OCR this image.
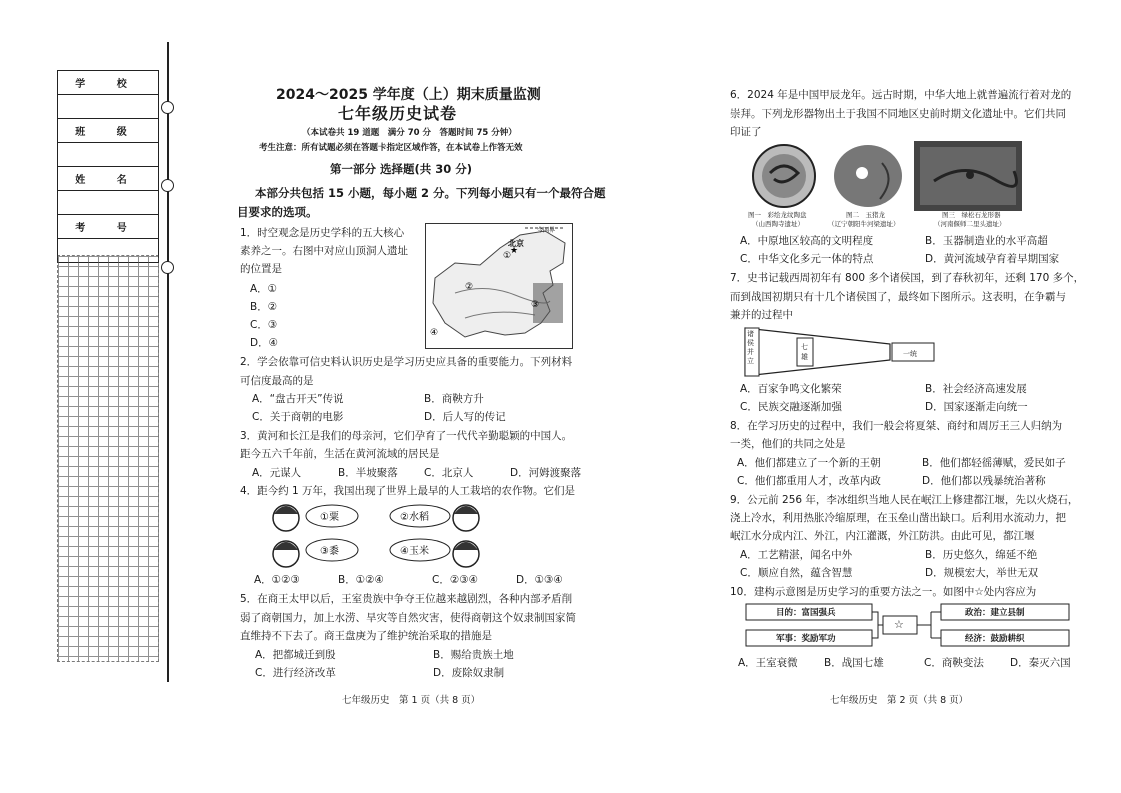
学 校
班 级
姓 名
考 号
2024～2025 学年度（上）期末质量监测
七年级历史试卷
（本试卷共 19 道题　满分 70 分　答题时间 75 分钟）
考生注意：所有试题必须在答题卡指定区域作答，在本试卷上作答无效
第一部分 选择题(共 30 分)
本部分共包括 15 小题，每小题 2 分。下列每小题只有一个最符合题
目要求的选项。
1．时空观念是历史学科的五大核心
素养之一。右图中对应山顶洞人遗址
的位置是
A．①
B．②
C．③
D．④
今国界
北京
★
①
②
③
④
2．学会依靠可信史料认识历史是学习历史应具备的重要能力。下列材料
可信度最高的是
A．“盘古开天”传说	B．商鞅方升
C．关于商朝的电影	D．后人写的传记
3．黄河和长江是我们的母亲河，它们孕育了一代代辛勤聪颖的中国人。
距今五六千年前，生活在黄河流域的居民是
A．元谋人	B．半坡聚落	C．北京人	D．河姆渡聚落
4．距今约 1 万年，我国出现了世界上最早的人工栽培的农作物。它们是
①粟	②水稻
③黍	④玉米
A．①②③	B．①②④	C．②③④	D．①③④
5．在商王太甲以后，王室贵族中争夺王位越来越剧烈，各种内部矛盾削
弱了商朝国力，加上水涝、旱灾等自然灾害，使得商朝这个奴隶制国家简
直维持不下去了。商王盘庚为了维护统治采取的措施是
A．把都城迁到殷	B．赐给贵族土地
C．进行经济改革	D．废除奴隶制
七年级历史　第 1 页（共 8 页）
6．2024 年是中国甲辰龙年。远古时期，中华大地上就普遍流行着对龙的
崇拜。下列龙形器物出土于我国不同地区史前时期文化遗址中。它们共同
印证了
图一　彩绘龙纹陶盘
（山西陶寺遗址）
图二　玉猪龙
（辽宁朝阳牛河梁遗址）
图三　绿松石龙形器
（河南偃师二里头遗址）
A．中原地区较高的文明程度	B．玉器制造业的水平高超
C．中华文化多元一体的特点	D．黄河流域孕育着早期国家
7．史书记载西周初年有 800 多个诸侯国，到了春秋初年，还剩 170 多个，
而到战国初期只有十几个诸侯国了，最终如下图所示。这表明，在争霸与
兼并的过程中
诸侯并立
七雄	一统
A．百家争鸣文化繁荣	B．社会经济高速发展
C．民族交融逐渐加强	D．国家逐渐走向统一
8．在学习历史的过程中，我们一般会将夏桀、商纣和周厉王三人归纳为
一类，他们的共同之处是
A．他们都建立了一个新的王朝	B．他们都轻徭薄赋，爱民如子
C．他们都重用人才，改革内政	D．他们都以残暴统治著称
9．公元前 256 年，李冰组织当地人民在岷江上修建都江堰，先以火烧石，
浇上冷水，利用热胀冷缩原理，在玉垒山凿出缺口。后利用水流动力，把
岷江水分成内江、外江，内江灌溉，外江防洪。由此可见，都江堰
A．工艺精湛，闻名中外	B．历史悠久，绵延不绝
C．顺应自然，蕴含智慧	D．规模宏大，举世无双
10．建构示意图是历史学习的重要方法之一。如图中☆处内容应为
目的：富国强兵
军事：奖励军功
☆
政治：建立县制
经济：鼓励耕织
A．王室衰微	B．战国七雄	C．商鞅变法 D．秦灭六国
七年级历史　第 2 页（共 8 页）
